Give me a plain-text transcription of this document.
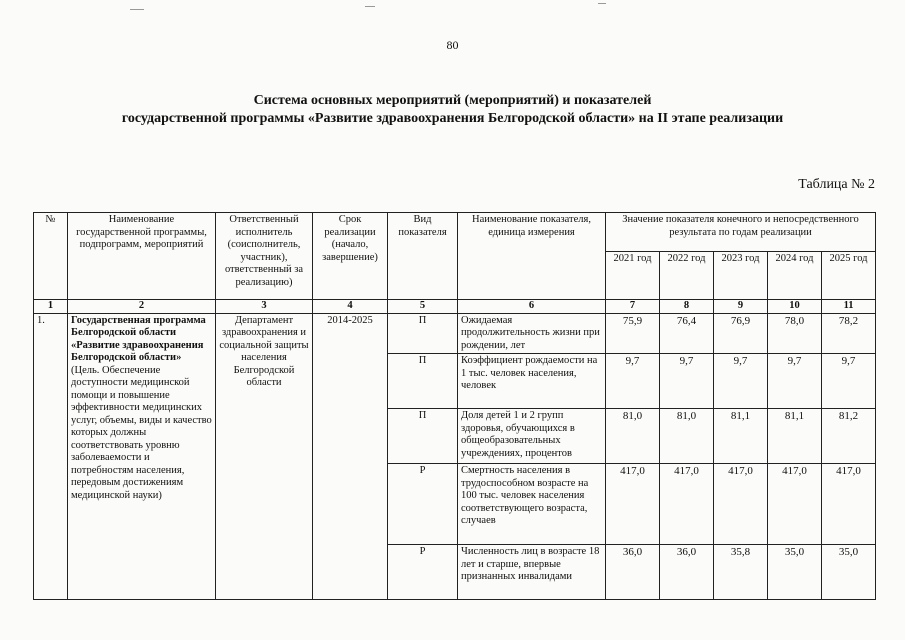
80
Система основных мероприятий (мероприятий) и показателей
государственной программы «Развитие здравоохранения Белгородской области» на II этапе реализации
Таблица № 2
№	Наименование государственной программы, подпрограмм, мероприятий	Ответственный исполнитель (соисполнитель, участник), ответственный за реализацию)	Срок реализации (начало, завершение)	Вид показателя	Наименование показателя, единица измерения	Значение показателя конечного и непосредственного результата по годам реализации				
						2021 год	2022 год	2023 год	2024 год	2025 год
1	2	3	4	5	6	7	8	9	10	11
1.	Государственная программа Белгородской области «Развитие здравоохранения Белгородской области» (Цель. Обеспечение доступности медицинской помощи и повышение эффективности медицинских услуг, объемы, виды и качество которых должны соответствовать уровню заболеваемости и потребностям населения, передовым достижениям медицинской науки)	Департамент здравоохранения и социальной защиты населения Белгородской области	2014-2025	П	Ожидаемая продолжительность жизни при рождении, лет	75,9	76,4	76,9	78,0	78,2
				П	Коэффициент рождаемости на 1 тыс. человек населения, человек	9,7	9,7	9,7	9,7	9,7
				П	Доля детей 1 и 2 групп здоровья, обучающихся в общеобразовательных учреждениях, процентов	81,0	81,0	81,1	81,1	81,2
				Р	Смертность населения в трудоспособном возрасте на 100 тыс. человек населения соответствующего возраста, случаев	417,0	417,0	417,0	417,0	417,0
				Р	Численность лиц в возрасте 18 лет и старше, впервые признанных инвалидами	36,0	36,0	35,8	35,0	35,0
